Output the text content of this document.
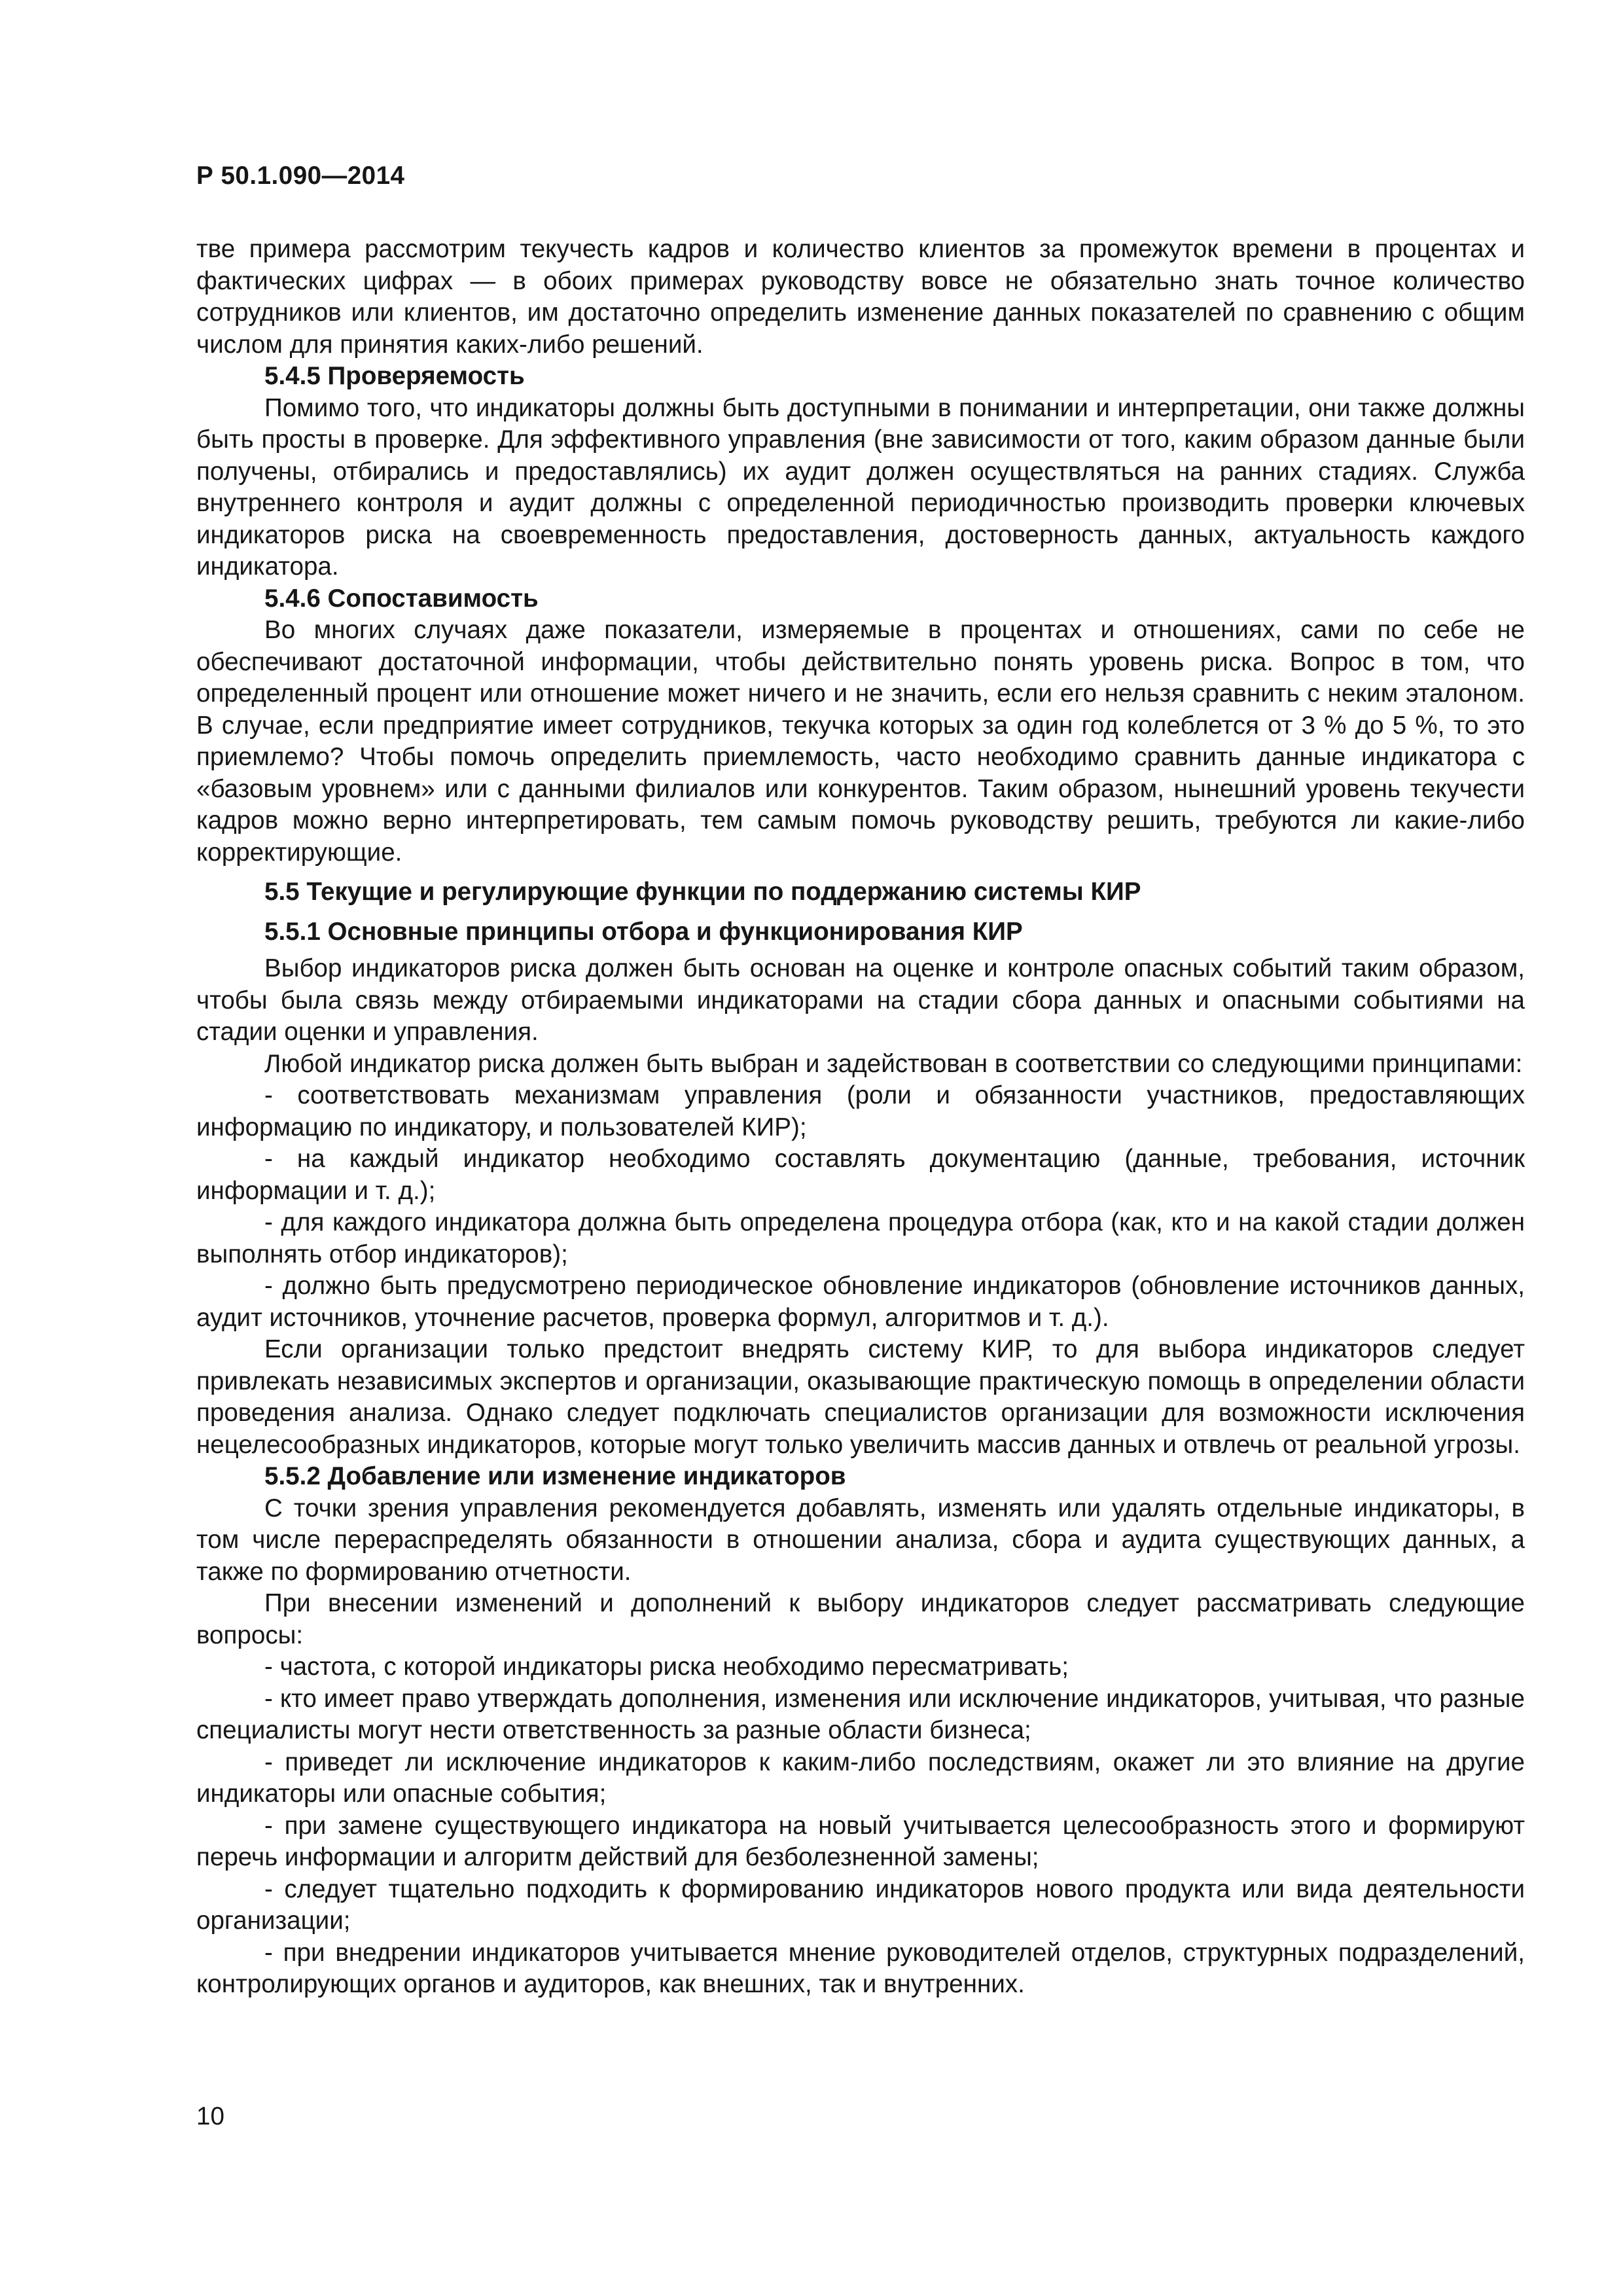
Р 50.1.090—2014

тве примера рассмотрим текучесть кадров и количество клиентов за промежуток времени в процентах и фактических цифрах — в обоих примерах руководству вовсе не обязательно знать точное количество сотрудников или клиентов, им достаточно определить изменение данных показателей по сравнению с общим числом для принятия каких-либо решений.

5.4.5 Проверяемость

Помимо того, что индикаторы должны быть доступными в понимании и интерпретации, они также должны быть просты в проверке. Для эффективного управления (вне зависимости от того, каким образом данные были получены, отбирались и предоставлялись) их аудит должен осуществляться на ранних стадиях. Служба внутреннего контроля и аудит должны с определенной периодичностью производить проверки ключевых индикаторов риска на своевременность предоставления, достоверность данных, актуальность каждого индикатора.

5.4.6 Сопоставимость

Во многих случаях даже показатели, измеряемые в процентах и отношениях, сами по себе не обеспечивают достаточной информации, чтобы действительно понять уровень риска. Вопрос в том, что определенный процент или отношение может ничего и не значить, если его нельзя сравнить с неким эталоном. В случае, если предприятие имеет сотрудников, текучка которых за один год колеблется от 3 % до 5 %, то это приемлемо? Чтобы помочь определить приемлемость, часто необходимо сравнить данные индикатора с «базовым уровнем» или с данными филиалов или конкурентов. Таким образом, нынешний уровень текучести кадров можно верно интерпретировать, тем самым помочь руководству решить, требуются ли какие-либо корректирующие.

5.5 Текущие и регулирующие функции по поддержанию системы КИР
5.5.1 Основные принципы отбора и функционирования КИР

Выбор индикаторов риска должен быть основан на оценке и контроле опасных событий таким образом, чтобы была связь между отбираемыми индикаторами на стадии сбора данных и опасными событиями на стадии оценки и управления.

Любой индикатор риска должен быть выбран и задействован в соответствии со следующими принципами:

- соответствовать механизмам управления (роли и обязанности участников, предоставляющих информацию по индикатору, и пользователей КИР);

- на каждый индикатор необходимо составлять документацию (данные, требования, источник информации и т. д.);

- для каждого индикатора должна быть определена процедура отбора (как, кто и на какой стадии должен выполнять отбор индикаторов);

- должно быть предусмотрено периодическое обновление индикаторов (обновление источников данных, аудит источников, уточнение расчетов, проверка формул, алгоритмов и т. д.).

Если организации только предстоит внедрять систему КИР, то для выбора индикаторов следует привлекать независимых экспертов и организации, оказывающие практическую помощь в определении области проведения анализа. Однако следует подключать специалистов организации для возможности исключения нецелесообразных индикаторов, которые могут только увеличить массив данных и отвлечь от реальной угрозы.

5.5.2 Добавление или изменение индикаторов

С точки зрения управления рекомендуется добавлять, изменять или удалять отдельные индикаторы, в том числе перераспределять обязанности в отношении анализа, сбора и аудита существующих данных, а также по формированию отчетности.

При внесении изменений и дополнений к выбору индикаторов следует рассматривать следующие вопросы:

- частота, с которой индикаторы риска необходимо пересматривать;

- кто имеет право утверждать дополнения, изменения или исключение индикаторов, учитывая, что разные специалисты могут нести ответственность за разные области бизнеса;

- приведет ли исключение индикаторов к каким-либо последствиям, окажет ли это влияние на другие индикаторы или опасные события;

- при замене существующего индикатора на новый учитывается целесообразность этого и формируют перечь информации и алгоритм действий для безболезненной замены;

- следует тщательно подходить к формированию индикаторов нового продукта или вида деятельности организации;

- при внедрении индикаторов учитывается мнение руководителей отделов, структурных подразделений, контролирующих органов и аудиторов, как внешних, так и внутренних.

10
